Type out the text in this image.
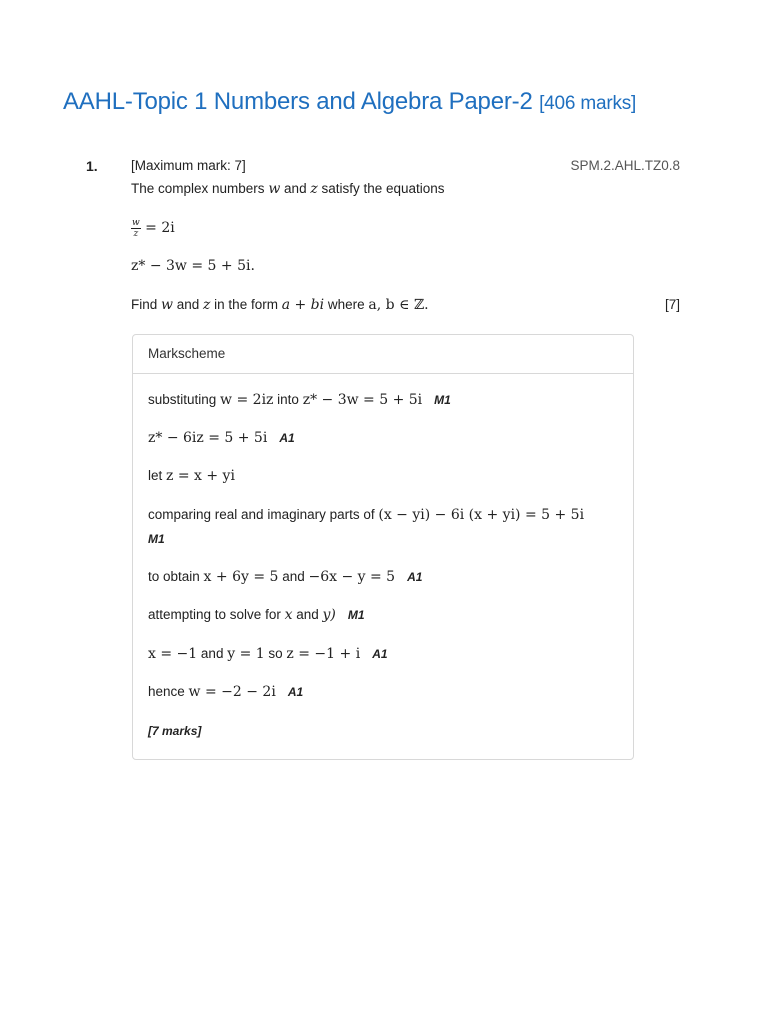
AAHL-Topic 1 Numbers and Algebra Paper-2 [406 marks]
1. [Maximum mark: 7]	SPM.2.AHL.TZ0.8
The complex numbers w and z satisfy the equations
$\frac{w}{z} = 2i$
z* − 3w = 5 + 5i.
Find w and z in the form a + bi where a, b ∈ ℤ.	[7]
Markscheme
substituting w = 2iz into z* − 3w = 5 + 5i M1
z* − 6iz = 5 + 5i A1
let z = x + yi
comparing real and imaginary parts of (x − yi) − 6i (x + yi) = 5 + 5i
M1
to obtain x + 6y = 5 and −6x − y = 5 A1
attempting to solve for x and y) M1
x = −1 and y = 1 so z = −1 + i A1
hence w = −2 − 2i A1
[7 marks]
